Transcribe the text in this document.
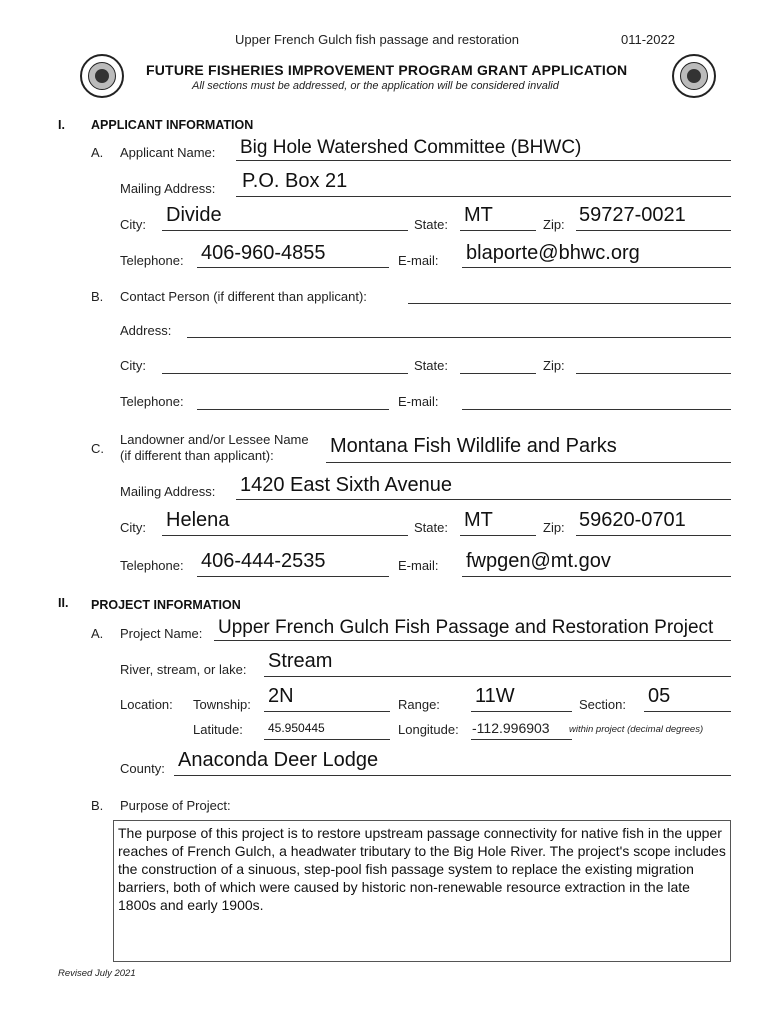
Upper French Gulch fish passage and restoration	011-2022
FUTURE FISHERIES IMPROVEMENT PROGRAM GRANT APPLICATION
All sections must be addressed, or the application will be considered invalid
I. APPLICANT INFORMATION
A. Applicant Name: Big Hole Watershed Committee (BHWC)
Mailing Address: P.O. Box 21
City: Divide	State: MT	Zip: 59727-0021
Telephone: 406-960-4855	E-mail: blaporte@bhwc.org
B. Contact Person (if different than applicant):
Address:
City:	State:	Zip:
Telephone:	E-mail:
C.
Landowner and/or Lessee Name
(if different than applicant):	Montana Fish Wildlife and Parks
Mailing Address: 1420 East Sixth Avenue
City: Helena	State: MT	Zip: 59620-0701
Telephone: 406-444-2535	E-mail: fwpgen@mt.gov
II. PROJECT INFORMATION
A. Project Name: Upper French Gulch Fish Passage and Restoration Project
River, stream, or lake: Stream
Location: Township: 2N	Range: 11W	Section: 05
Latitude: 45.950445	Longitude: -112.996903 within project (decimal degrees)
County: Anaconda Deer Lodge
B. Purpose of Project:
The purpose of this project is to restore upstream passage connectivity for native fish in the upper reaches of French Gulch, a headwater tributary to the Big Hole River. The project's scope includes the construction of a sinuous, step-pool fish passage system to replace the existing migration barriers, both of which were caused by historic non-renewable resource extraction in the late 1800s and early 1900s.
Revised July 2021
